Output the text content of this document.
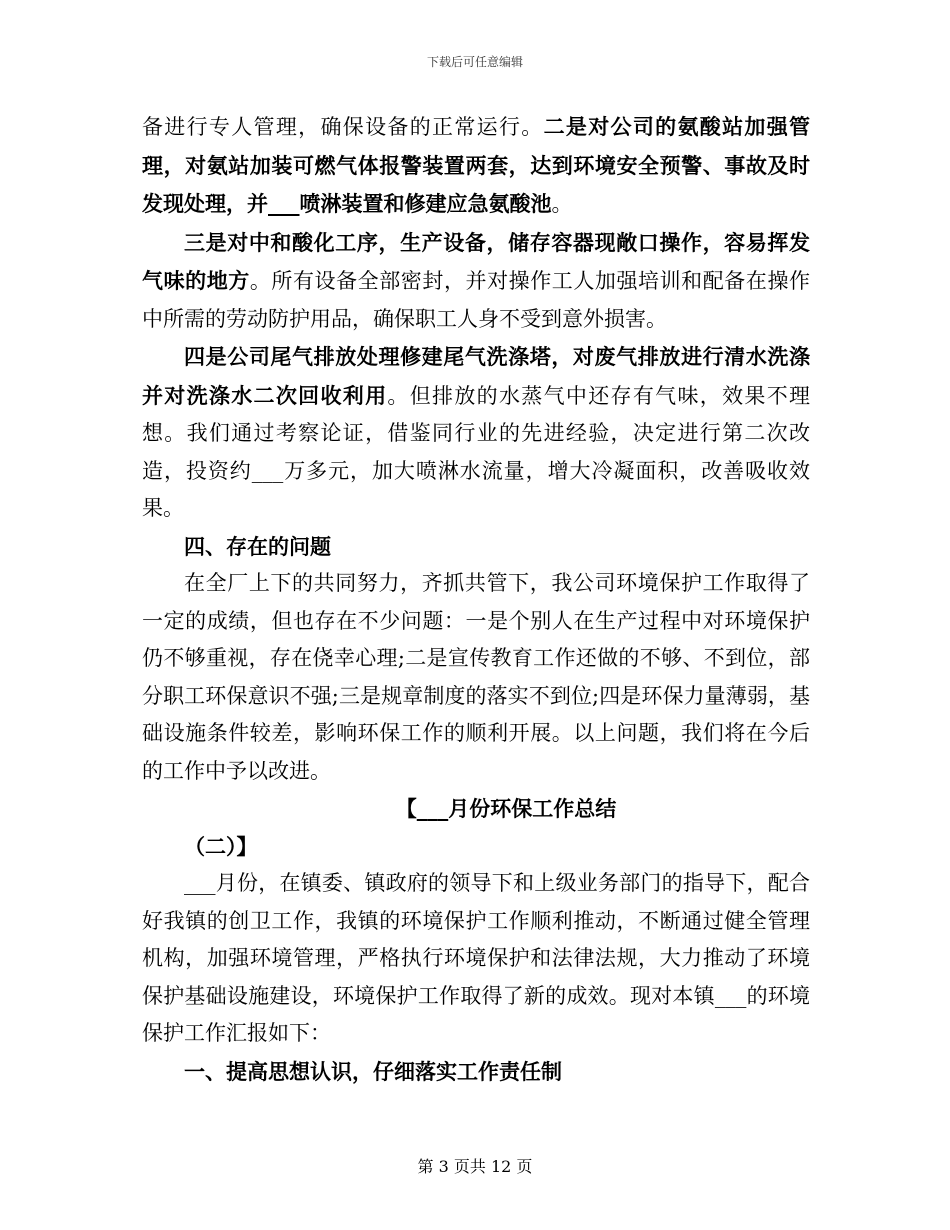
下载后可任意编辑

备进行专人管理，确保设备的正常运行。二是对公司的氨酸站加强管理，对氨站加装可燃气体报警装置两套，达到环境安全预警、事故及时发现处理，并___喷淋装置和修建应急氨酸池。

三是对中和酸化工序，生产设备，储存容器现敞口操作，容易挥发气味的地方。所有设备全部密封，并对操作工人加强培训和配备在操作中所需的劳动防护用品，确保职工人身不受到意外损害。

四是公司尾气排放处理修建尾气洗涤塔，对废气排放进行清水洗涤并对洗涤水二次回收利用。但排放的水蒸气中还存有气味，效果不理想。我们通过考察论证，借鉴同行业的先进经验，决定进行第二次改造，投资约___万多元，加大喷淋水流量，增大冷凝面积，改善吸收效果。

四、存在的问题

在全厂上下的共同努力，齐抓共管下，我公司环境保护工作取得了一定的成绩，但也存在不少问题：一是个别人在生产过程中对环境保护仍不够重视，存在侥幸心理;二是宣传教育工作还做的不够、不到位，部分职工环保意识不强;三是规章制度的落实不到位;四是环保力量薄弱，基础设施条件较差，影响环保工作的顺利开展。以上问题，我们将在今后的工作中予以改进。

【___月份环保工作总结

（二）】

___月份，在镇委、镇政府的领导下和上级业务部门的指导下，配合好我镇的创卫工作，我镇的环境保护工作顺利推动，不断通过健全管理机构，加强环境管理，严格执行环境保护和法律法规，大力推动了环境保护基础设施建设，环境保护工作取得了新的成效。现对本镇___的环境保护工作汇报如下：

一、提高思想认识，仔细落实工作责任制

第 3 页共 12 页
